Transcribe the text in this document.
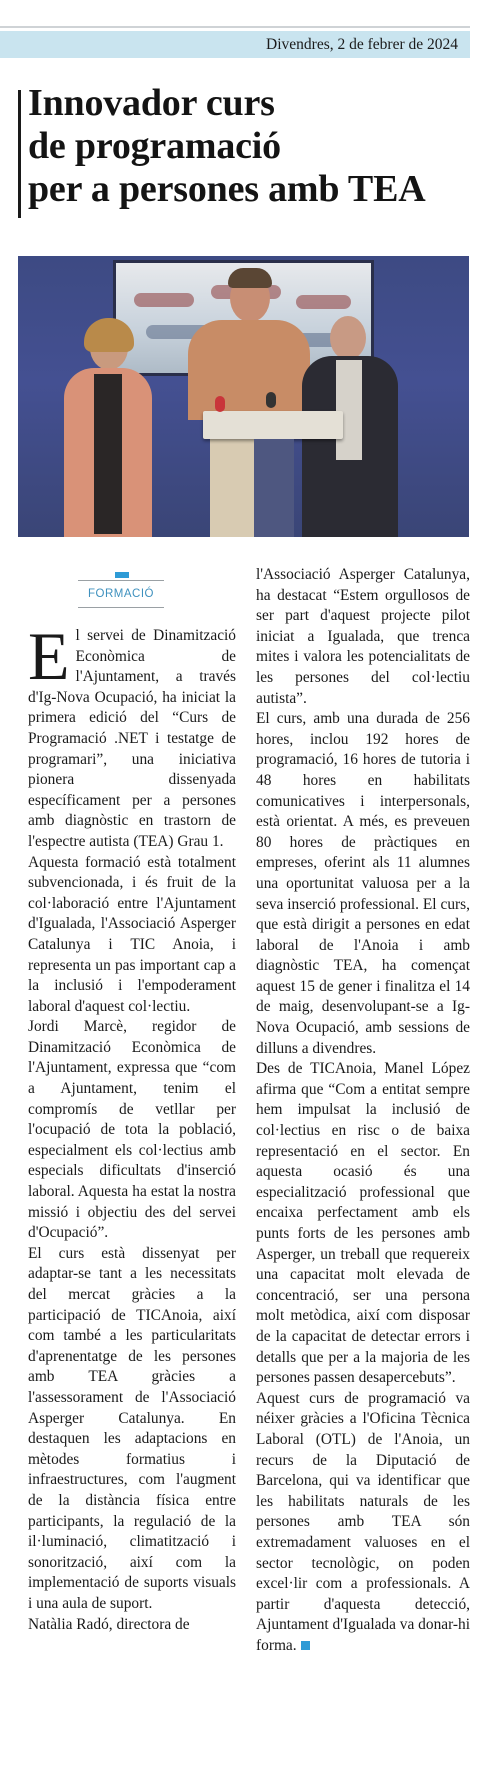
Divendres, 2 de febrer de 2024
Innovador curs
de programació
per a persones amb TEA
FORMACIÓ

El servei de Dinamització Econòmica de l'Ajuntament, a través d'Ig-Nova Ocupació, ha iniciat la primera edició del “Curs de Programació .NET i testatge de programari”, una iniciativa pionera dissenyada específicament per a persones amb diagnòstic en trastorn de l'espectre autista (TEA) Grau 1.

Aquesta formació està totalment subvencionada, i és fruit de la col·laboració entre l'Ajuntament d'Igualada, l'Associació Asperger Catalunya i TIC Anoia, i representa un pas important cap a la inclusió i l'empoderament laboral d'aquest col·lectiu.

Jordi Marcè, regidor de Dinamització Econòmica de l'Ajuntament, expressa que “com a Ajuntament, tenim el compromís de vetllar per l'ocupació de tota la població, especialment els col·lectius amb especials dificultats d'inserció laboral. Aquesta ha estat la nostra missió i objectiu des del servei d'Ocupació”.

El curs està dissenyat per adaptar-se tant a les necessitats del mercat gràcies a la participació de TICAnoia, així com també a les particularitats d'aprenentatge de les persones amb TEA gràcies a l'assessorament de l'Associació Asperger Catalunya. En destaquen les adaptacions en mètodes formatius i infraestructures, com l'augment de la distància física entre participants, la regulació de la il·luminació, climatització i sonorització, així com la implementació de suports visuals i una aula de suport.

Natàlia Radó, directora de

l'Associació Asperger Catalunya, ha destacat “Estem orgullosos de ser part d'aquest projecte pilot iniciat a Igualada, que trenca mites i valora les potencialitats de les persones del col·lectiu autista”.

El curs, amb una durada de 256 hores, inclou 192 hores de programació, 16 hores de tutoria i 48 hores en habilitats comunicatives i interpersonals, està orientat. A més, es preveuen 80 hores de pràctiques en empreses, oferint als 11 alumnes una oportunitat valuosa per a la seva inserció professional. El curs, que està dirigit a persones en edat laboral de l'Anoia i amb diagnòstic TEA, ha començat aquest 15 de gener i finalitza el 14 de maig, desenvolupant-se a Ig-Nova Ocupació, amb sessions de dilluns a divendres.

Des de TICAnoia, Manel López afirma que “Com a entitat sempre hem impulsat la inclusió de col·lectius en risc o de baixa representació en el sector. En aquesta ocasió és una especialització professional que encaixa perfectament amb els punts forts de les persones amb Asperger, un treball que requereix una capacitat molt elevada de concentració, ser una persona molt metòdica, així com disposar de la capacitat de detectar errors i detalls que per a la majoria de les persones passen desapercebuts”.

Aquest curs de programació va néixer gràcies a l'Oficina Tècnica Laboral (OTL) de l'Anoia, un recurs de la Diputació de Barcelona, qui va identificar que les habilitats naturals de les persones amb TEA són extremadament valuoses en el sector tecnològic, on poden excel·lir com a professionals. A partir d'aquesta detecció, Ajuntament d'Igualada va donar-hi forma.
